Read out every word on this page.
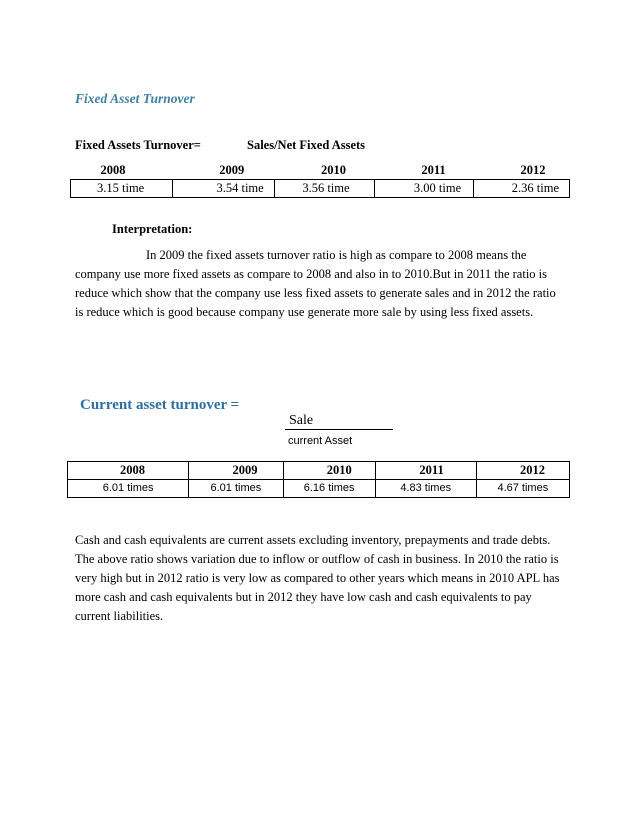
Fixed Asset Turnover
Fixed Assets Turnover=	Sales/Net Fixed Assets
2008	2009	2010	2011	2012
3.15 time	3.54 time	3.56 time	3.00 time	2.36 time
Interpretation:
In 2009 the fixed assets turnover ratio is high as compare to 2008 means the
company use more fixed assets as compare to 2008 and also in to 2010.But in 2011 the ratio is
reduce which show that the company use less fixed assets to generate sales and in 2012 the ratio
is reduce which is good because company use generate more sale by using less fixed assets.
Current asset turnover =
Sale
current Asset
2008	2009	2010	2011	2012
6.01 times	6.01 times	6.16 times	4.83 times	4.67 times
Cash and cash equivalents are current assets excluding inventory, prepayments and trade debts.
The above ratio shows variation due to inflow or outflow of cash in business. In 2010 the ratio is
very high but in 2012 ratio is very low as compared to other years which means in 2010 APL has
more cash and cash equivalents but in 2012 they have low cash and cash equivalents to pay
current liabilities.
